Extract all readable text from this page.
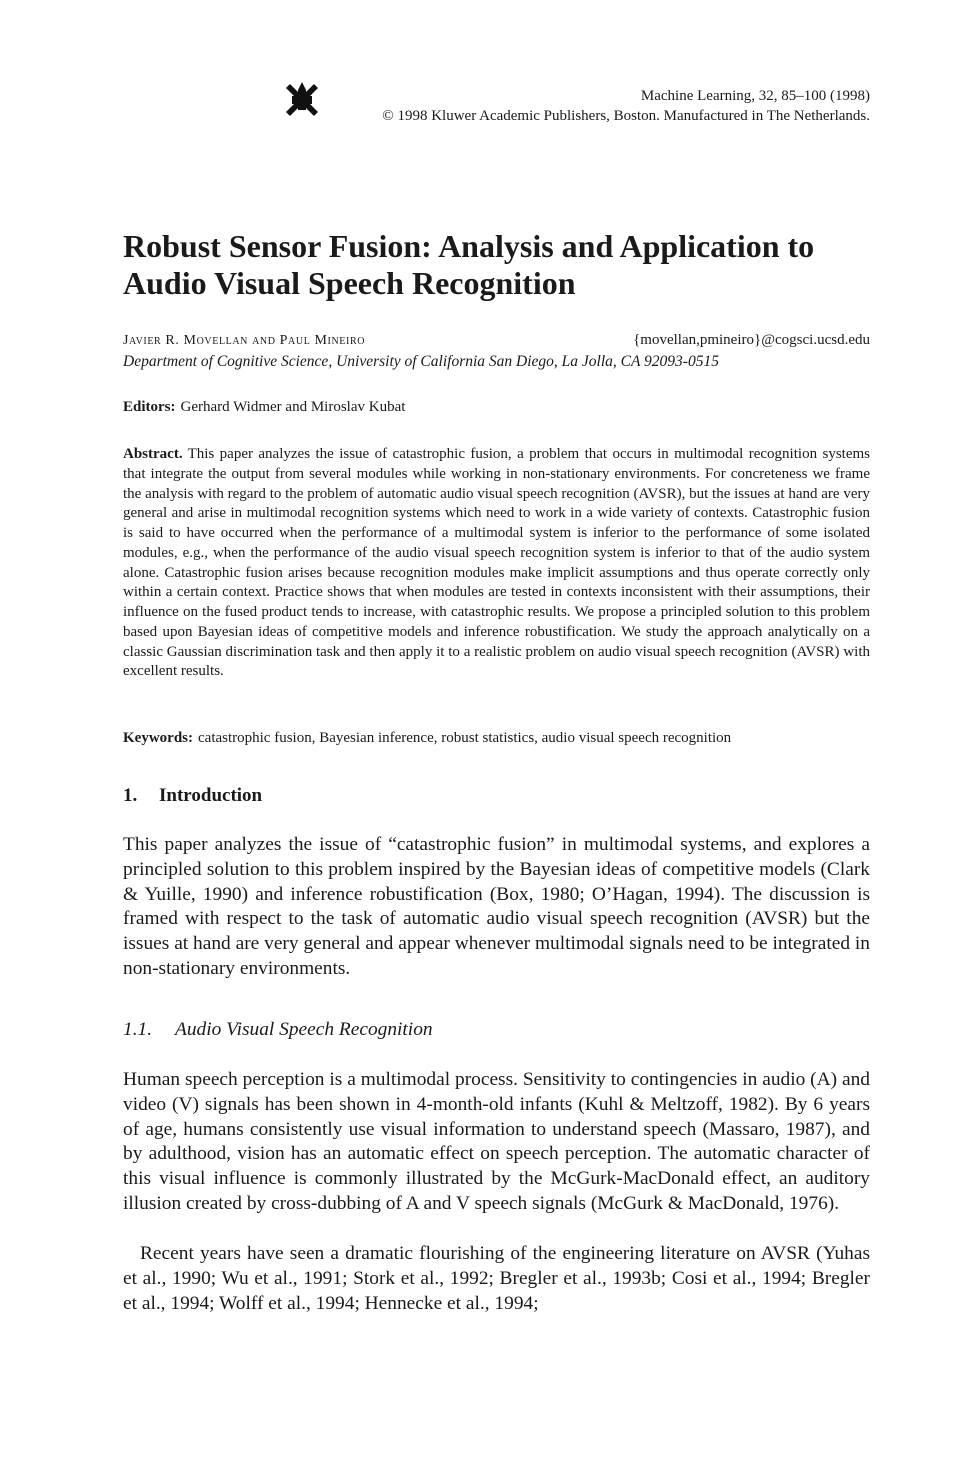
Machine Learning, 32, 85–100 (1998)
© 1998 Kluwer Academic Publishers, Boston. Manufactured in The Netherlands.
Robust Sensor Fusion: Analysis and Application to
Audio Visual Speech Recognition
Javier R. Movellan and Paul Mineiro	{movellan,pmineiro}@cogsci.ucsd.edu
Department of Cognitive Science, University of California San Diego, La Jolla, CA 92093-0515
Editors: Gerhard Widmer and Miroslav Kubat

Abstract. This paper analyzes the issue of catastrophic fusion, a problem that occurs in multimodal recognition systems that integrate the output from several modules while working in non-stationary environments. For concreteness we frame the analysis with regard to the problem of automatic audio visual speech recognition (AVSR), but the issues at hand are very general and arise in multimodal recognition systems which need to work in a wide variety of contexts. Catastrophic fusion is said to have occurred when the performance of a multimodal system is inferior to the performance of some isolated modules, e.g., when the performance of the audio visual speech recognition system is inferior to that of the audio system alone. Catastrophic fusion arises because recognition modules make implicit assumptions and thus operate correctly only within a certain context. Practice shows that when modules are tested in contexts inconsistent with their assumptions, their influence on the fused product tends to increase, with catastrophic results. We propose a principled solution to this problem based upon Bayesian ideas of competitive models and inference robustification. We study the approach analytically on a classic Gaussian discrimination task and then apply it to a realistic problem on audio visual speech recognition (AVSR) with excellent results.

Keywords: catastrophic fusion, Bayesian inference, robust statistics, audio visual speech recognition
1. Introduction

This paper analyzes the issue of “catastrophic fusion” in multimodal systems, and explores a principled solution to this problem inspired by the Bayesian ideas of competitive models (Clark & Yuille, 1990) and inference robustification (Box, 1980; O’Hagan, 1994). The discussion is framed with respect to the task of automatic audio visual speech recognition (AVSR) but the issues at hand are very general and appear whenever multimodal signals need to be integrated in non-stationary environments.

1.1. Audio Visual Speech Recognition

Human speech perception is a multimodal process. Sensitivity to contingencies in audio (A) and video (V) signals has been shown in 4-month-old infants (Kuhl & Meltzoff, 1982). By 6 years of age, humans consistently use visual information to understand speech (Massaro, 1987), and by adulthood, vision has an automatic effect on speech perception. The automatic character of this visual influence is commonly illustrated by the McGurk-MacDonald effect, an auditory illusion created by cross-dubbing of A and V speech signals (McGurk & MacDonald, 1976).

Recent years have seen a dramatic flourishing of the engineering literature on AVSR (Yuhas et al., 1990; Wu et al., 1991; Stork et al., 1992; Bregler et al., 1993b; Cosi et al., 1994; Bregler et al., 1994; Wolff et al., 1994; Hennecke et al., 1994;
